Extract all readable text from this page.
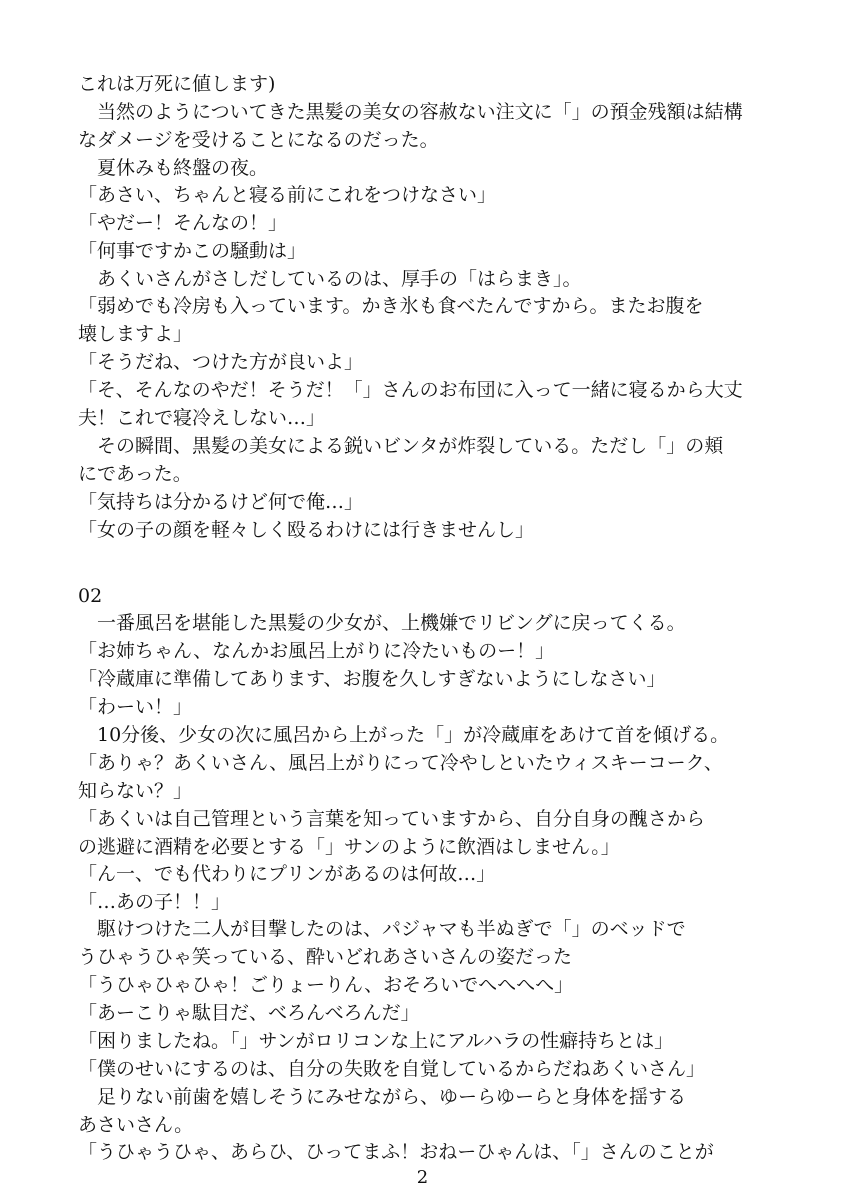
これは万死に値します)
　当然のようについてきた黒髪の美女の容赦ない注文に「」の預金残額は結構
なダメージを受けることになるのだった。
　夏休みも終盤の夜。
「あさい、ちゃんと寝る前にこれをつけなさい」
「やだー！そんなの！」
「何事ですかこの騒動は」
　あくいさんがさしだしているのは、厚手の「はらまき」。
「弱めでも冷房も入っています。かき氷も食べたんですから。またお腹を
壊しますよ」
「そうだね、つけた方が良いよ」
「そ、そんなのやだ！そうだ！「」さんのお布団に入って一緒に寝るから大丈
夫！これで寝冷えしない…」
　その瞬間、黒髪の美女による鋭いビンタが炸裂している。ただし「」の頬
にであった。
「気持ちは分かるけど何で俺…」
「女の子の顔を軽々しく殴るわけには行きませんし」
02
　一番風呂を堪能した黒髪の少女が、上機嫌でリビングに戻ってくる。
「お姉ちゃん、なんかお風呂上がりに冷たいものー！」
「冷蔵庫に準備してあります、お腹を久しすぎないようにしなさい」
「わーい！」
　10分後、少女の次に風呂から上がった「」が冷蔵庫をあけて首を傾げる。
「ありゃ？あくいさん、風呂上がりにって冷やしといたウィスキーコーク、
知らない？」
「あくいは自己管理という言葉を知っていますから、自分自身の醜さから
の逃避に酒精を必要とする「」サンのように飲酒はしません。」
「ん一、でも代わりにプリンがあるのは何故…」
「…あの子！！」
　駆けつけた二人が目撃したのは、パジャマも半ぬぎで「」のベッドで
うひゃうひゃ笑っている、酔いどれあさいさんの姿だった
「うひゃひゃひゃ！ごりょーりん、おそろいでへへへへ」
「あーこりゃ駄目だ、べろんべろんだ」
「困りましたね。「」サンがロリコンな上にアルハラの性癖持ちとは」
「僕のせいにするのは、自分の失敗を自覚しているからだねあくいさん」
　足りない前歯を嬉しそうにみせながら、ゆーらゆーらと身体を揺する
あさいさん。
「うひゃうひゃ、あらひ、ひってまふ！おねーひゃんは、「」さんのことが
2
